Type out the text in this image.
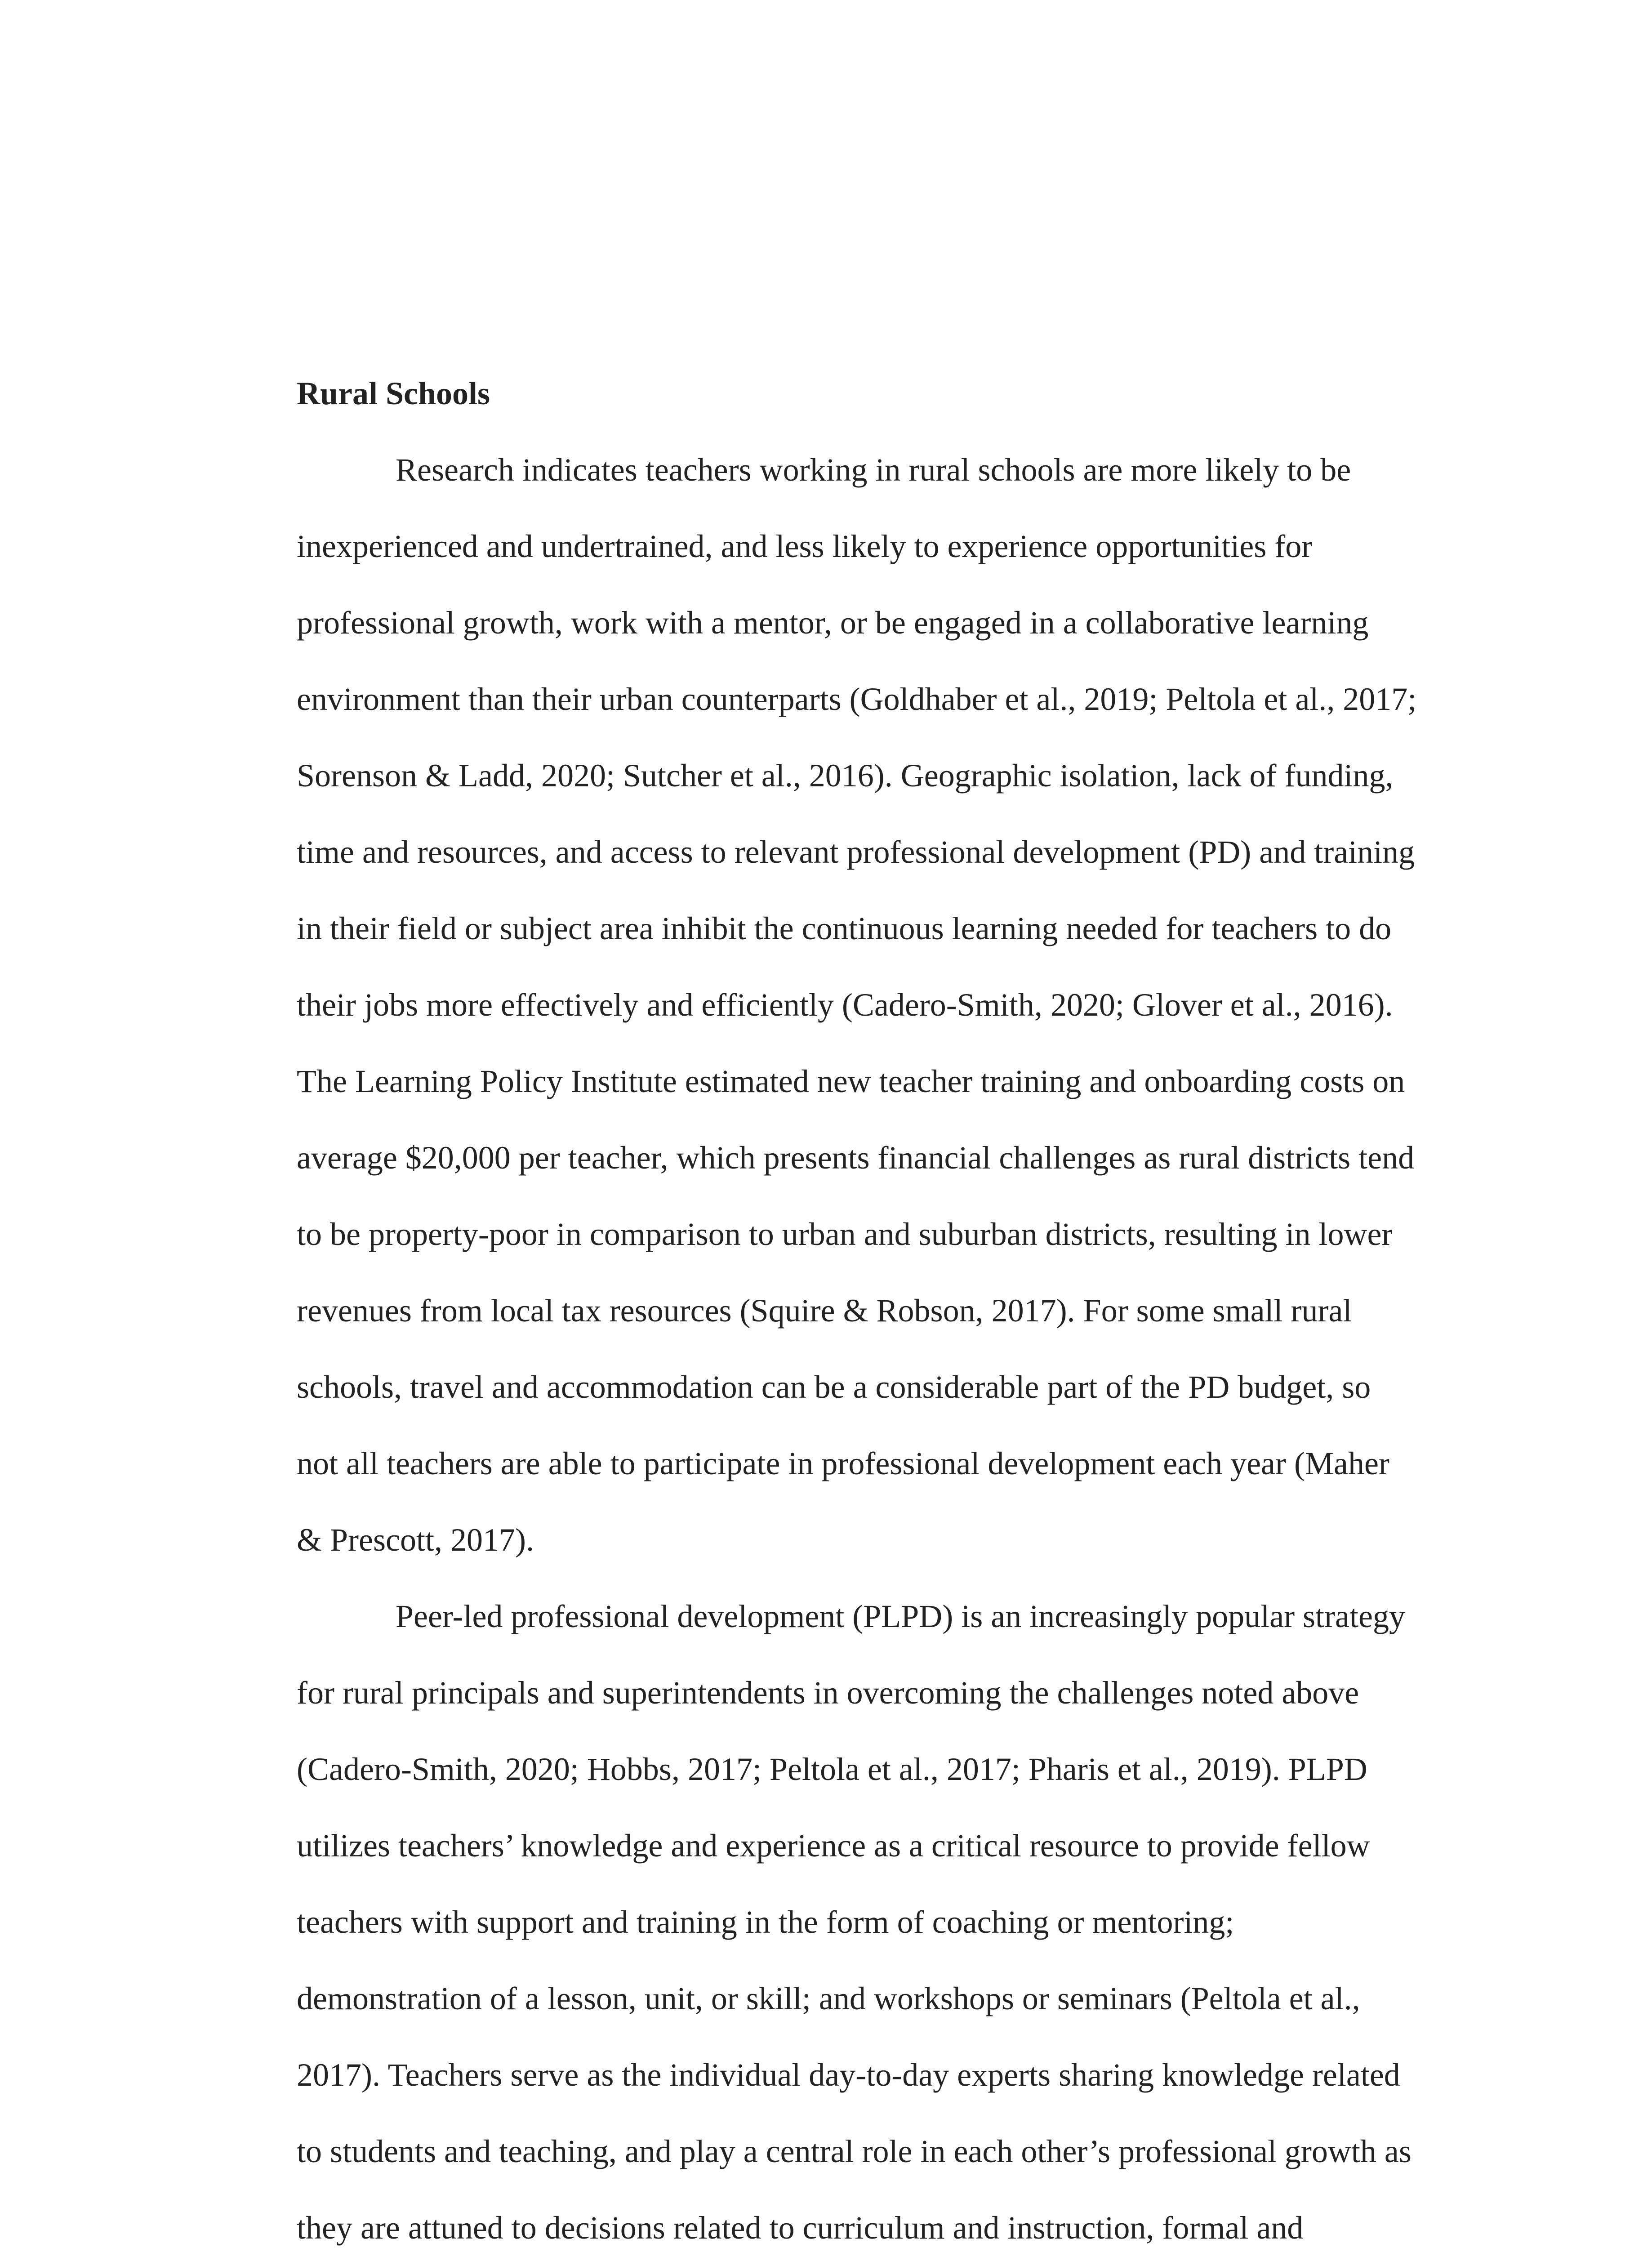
Rural Schools
Research indicates teachers working in rural schools are more likely to be
inexperienced and undertrained, and less likely to experience opportunities for
professional growth, work with a mentor, or be engaged in a collaborative learning
environment than their urban counterparts (Goldhaber et al., 2019; Peltola et al., 2017;
Sorenson & Ladd, 2020; Sutcher et al., 2016). Geographic isolation, lack of funding,
time and resources, and access to relevant professional development (PD) and training
in their field or subject area inhibit the continuous learning needed for teachers to do
their jobs more effectively and efficiently (Cadero-Smith, 2020; Glover et al., 2016).
The Learning Policy Institute estimated new teacher training and onboarding costs on
average $20,000 per teacher, which presents financial challenges as rural districts tend
to be property-poor in comparison to urban and suburban districts, resulting in lower
revenues from local tax resources (Squire & Robson, 2017). For some small rural
schools, travel and accommodation can be a considerable part of the PD budget, so
not all teachers are able to participate in professional development each year (Maher
& Prescott, 2017).
Peer-led professional development (PLPD) is an increasingly popular strategy
for rural principals and superintendents in overcoming the challenges noted above
(Cadero-Smith, 2020; Hobbs, 2017; Peltola et al., 2017; Pharis et al., 2019). PLPD
utilizes teachers’ knowledge and experience as a critical resource to provide fellow
teachers with support and training in the form of coaching or mentoring;
demonstration of a lesson, unit, or skill; and workshops or seminars (Peltola et al.,
2017). Teachers serve as the individual day-to-day experts sharing knowledge related
to students and teaching, and play a central role in each other’s professional growth as
they are attuned to decisions related to curriculum and instruction, formal and
